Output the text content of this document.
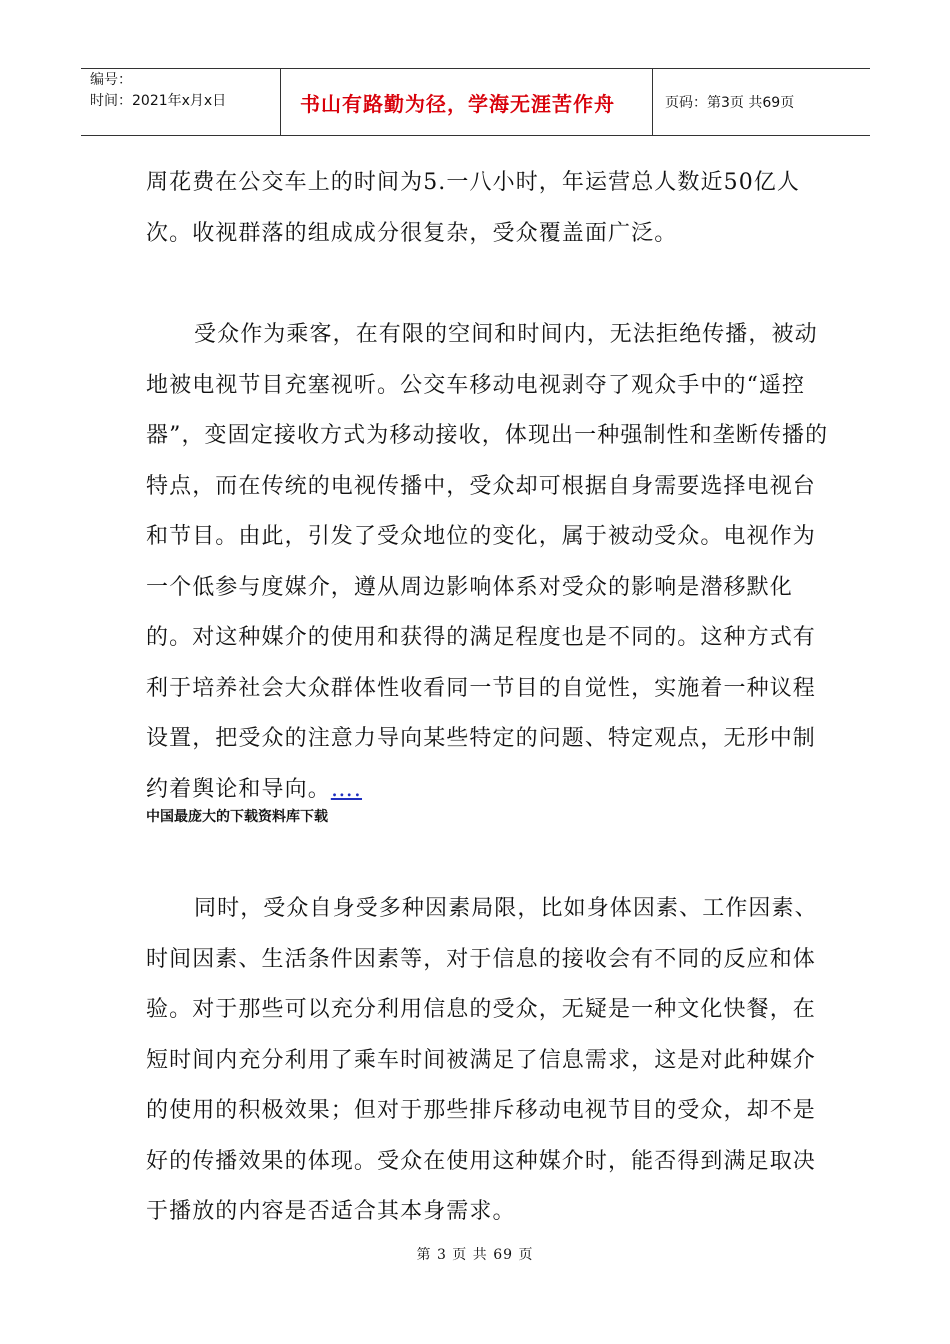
编号：
时间：2021年x月x日	书山有路勤为径，学海无涯苦作舟	页码： 第3页
共69页

周花费在公交车上的时间为5.一八小时，年运营总人数近50亿人次。收视群落的组成成分很复杂，受众覆盖面广泛。

受众作为乘客，在有限的空间和时间内，无法拒绝传播，被动地被电视节目充塞视听。公交车移动电视剥夺了观众手中的“遥控器”，变固定接收方式为移动接收，体现出一种强制性和垄断传播的特点，而在传统的电视传播中，受众却可根据自身需要选择电视台和节目。由此，引发了受众地位的变化，属于被动受众。电视作为一个低参与度媒介，遵从周边影响体系对受众的影响是潜移默化的。对这种媒介的使用和获得的满足程度也是不同的。这种方式有利于培养社会大众群体性收看同一节目的自觉性，实施着一种议程设置，把受众的注意力导向某些特定的问题、特定观点，无形中制约着舆论和导向。….

中国最庞大的下载资料库下载

同时，受众自身受多种因素局限，比如身体因素、工作因素、时间因素、生活条件因素等，对于信息的接收会有不同的反应和体验。对于那些可以充分利用信息的受众，无疑是一种文化快餐，在短时间内充分利用了乘车时间被满足了信息需求，这是对此种媒介的使用的积极效果；但对于那些排斥移动电视节目的受众，却不是好的传播效果的体现。受众在使用这种媒介时，能否得到满足取决于播放的内容是否适合其本身需求。

第 3 页 共 69 页
